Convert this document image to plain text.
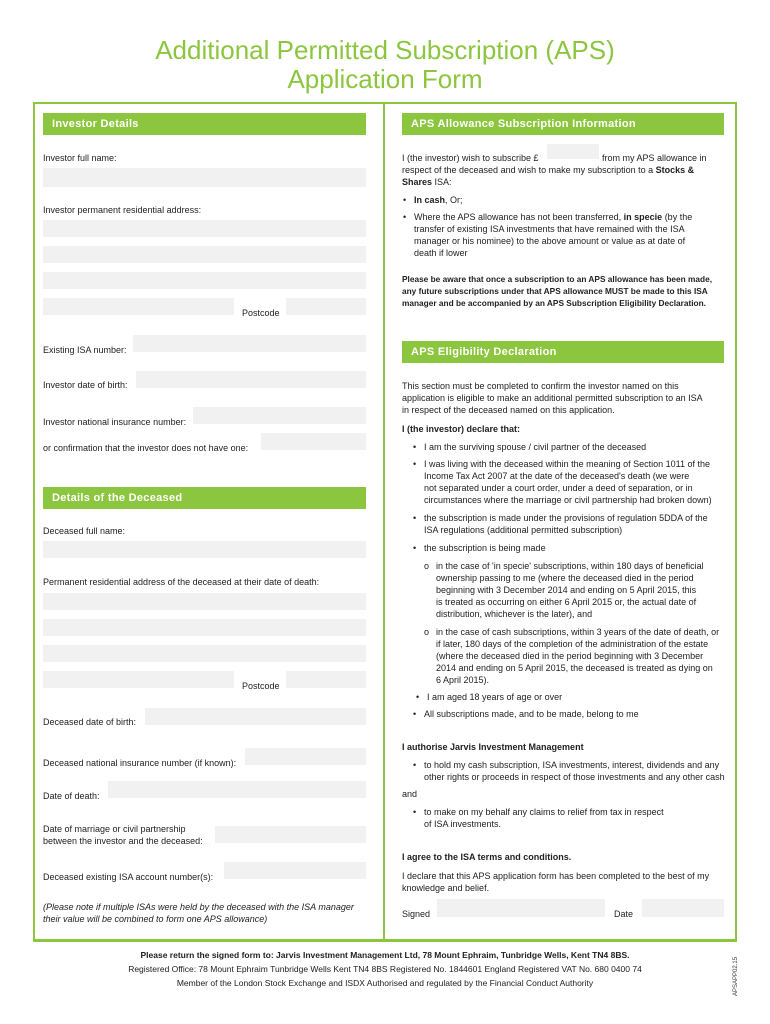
Additional Permitted Subscription (APS)
Application Form
Investor Details
Investor full name:
Investor permanent residential address:
Postcode
Existing ISA number:
Investor date of birth:
Investor national insurance number:
or confirmation that the investor does not have one:
Details of the Deceased
Deceased full name:
Permanent residential address of the deceased at their date of death:
Postcode
Deceased date of birth:
Deceased national insurance number (if known):
Date of death:
Date of marriage or civil partnership
between the investor and the deceased:
Deceased existing ISA account number(s):
(Please note if multiple ISAs were held by the deceased with the ISA manager
their value will be combined to form one APS allowance)
APS Allowance Subscription Information
I (the investor) wish to subscribe £	from my APS allowance in
respect of the deceased and wish to make my subscription to a Stocks &
Shares ISA:
• In cash, Or;
• Where the APS allowance has not been transferred, in specie (by the
transfer of existing ISA investments that have remained with the ISA
manager or his nominee) to the above amount or value as at date of
death if lower
Please be aware that once a subscription to an APS allowance has been made,
any future subscriptions under that APS allowance MUST be made to this ISA
manager and be accompanied by an APS Subscription Eligibility Declaration.
APS Eligibility Declaration
This section must be completed to confirm the investor named on this
application is eligible to make an additional permitted subscription to an ISA
in respect of the deceased named on this application.
I (the investor) declare that:
• I am the surviving spouse / civil partner of the deceased
• I was living with the deceased within the meaning of Section 1011 of the
Income Tax Act 2007 at the date of the deceased's death (we were
not separated under a court order, under a deed of separation, or in
circumstances where the marriage or civil partnership had broken down)
• the subscription is made under the provisions of regulation 5DDA of the
ISA regulations (additional permitted subscription)
• the subscription is being made
o in the case of 'in specie' subscriptions, within 180 days of beneficial
ownership passing to me (where the deceased died in the period
beginning with 3 December 2014 and ending on 5 April 2015, this
is treated as occurring on either 6 April 2015 or, the actual date of
distribution, whichever is the later), and
o in the case of cash subscriptions, within 3 years of the date of death, or
if later, 180 days of the completion of the administration of the estate
(where the deceased died in the period beginning with 3 December
2014 and ending on 5 April 2015, the deceased is treated as dying on
6 April 2015).
• I am aged 18 years of age or over
• All subscriptions made, and to be made, belong to me
I authorise Jarvis Investment Management
• to hold my cash subscription, ISA investments, interest, dividends and any
other rights or proceeds in respect of those investments and any other cash
and
• to make on my behalf any claims to relief from tax in respect
of ISA investments.
I agree to the ISA terms and conditions.
I declare that this APS application form has been completed to the best of my
knowledge and belief.
Signed	Date
Please return the signed form to: Jarvis Investment Management Ltd, 78 Mount Ephraim, Tunbridge Wells, Kent TN4 8BS.
Registered Office: 78 Mount Ephraim Tunbridge Wells Kent TN4 8BS Registered No. 1844601 England Registered VAT No. 680 0400 74
Member of the London Stock Exchange and ISDX Authorised and regulated by the Financial Conduct Authority	APSAPP02.15
